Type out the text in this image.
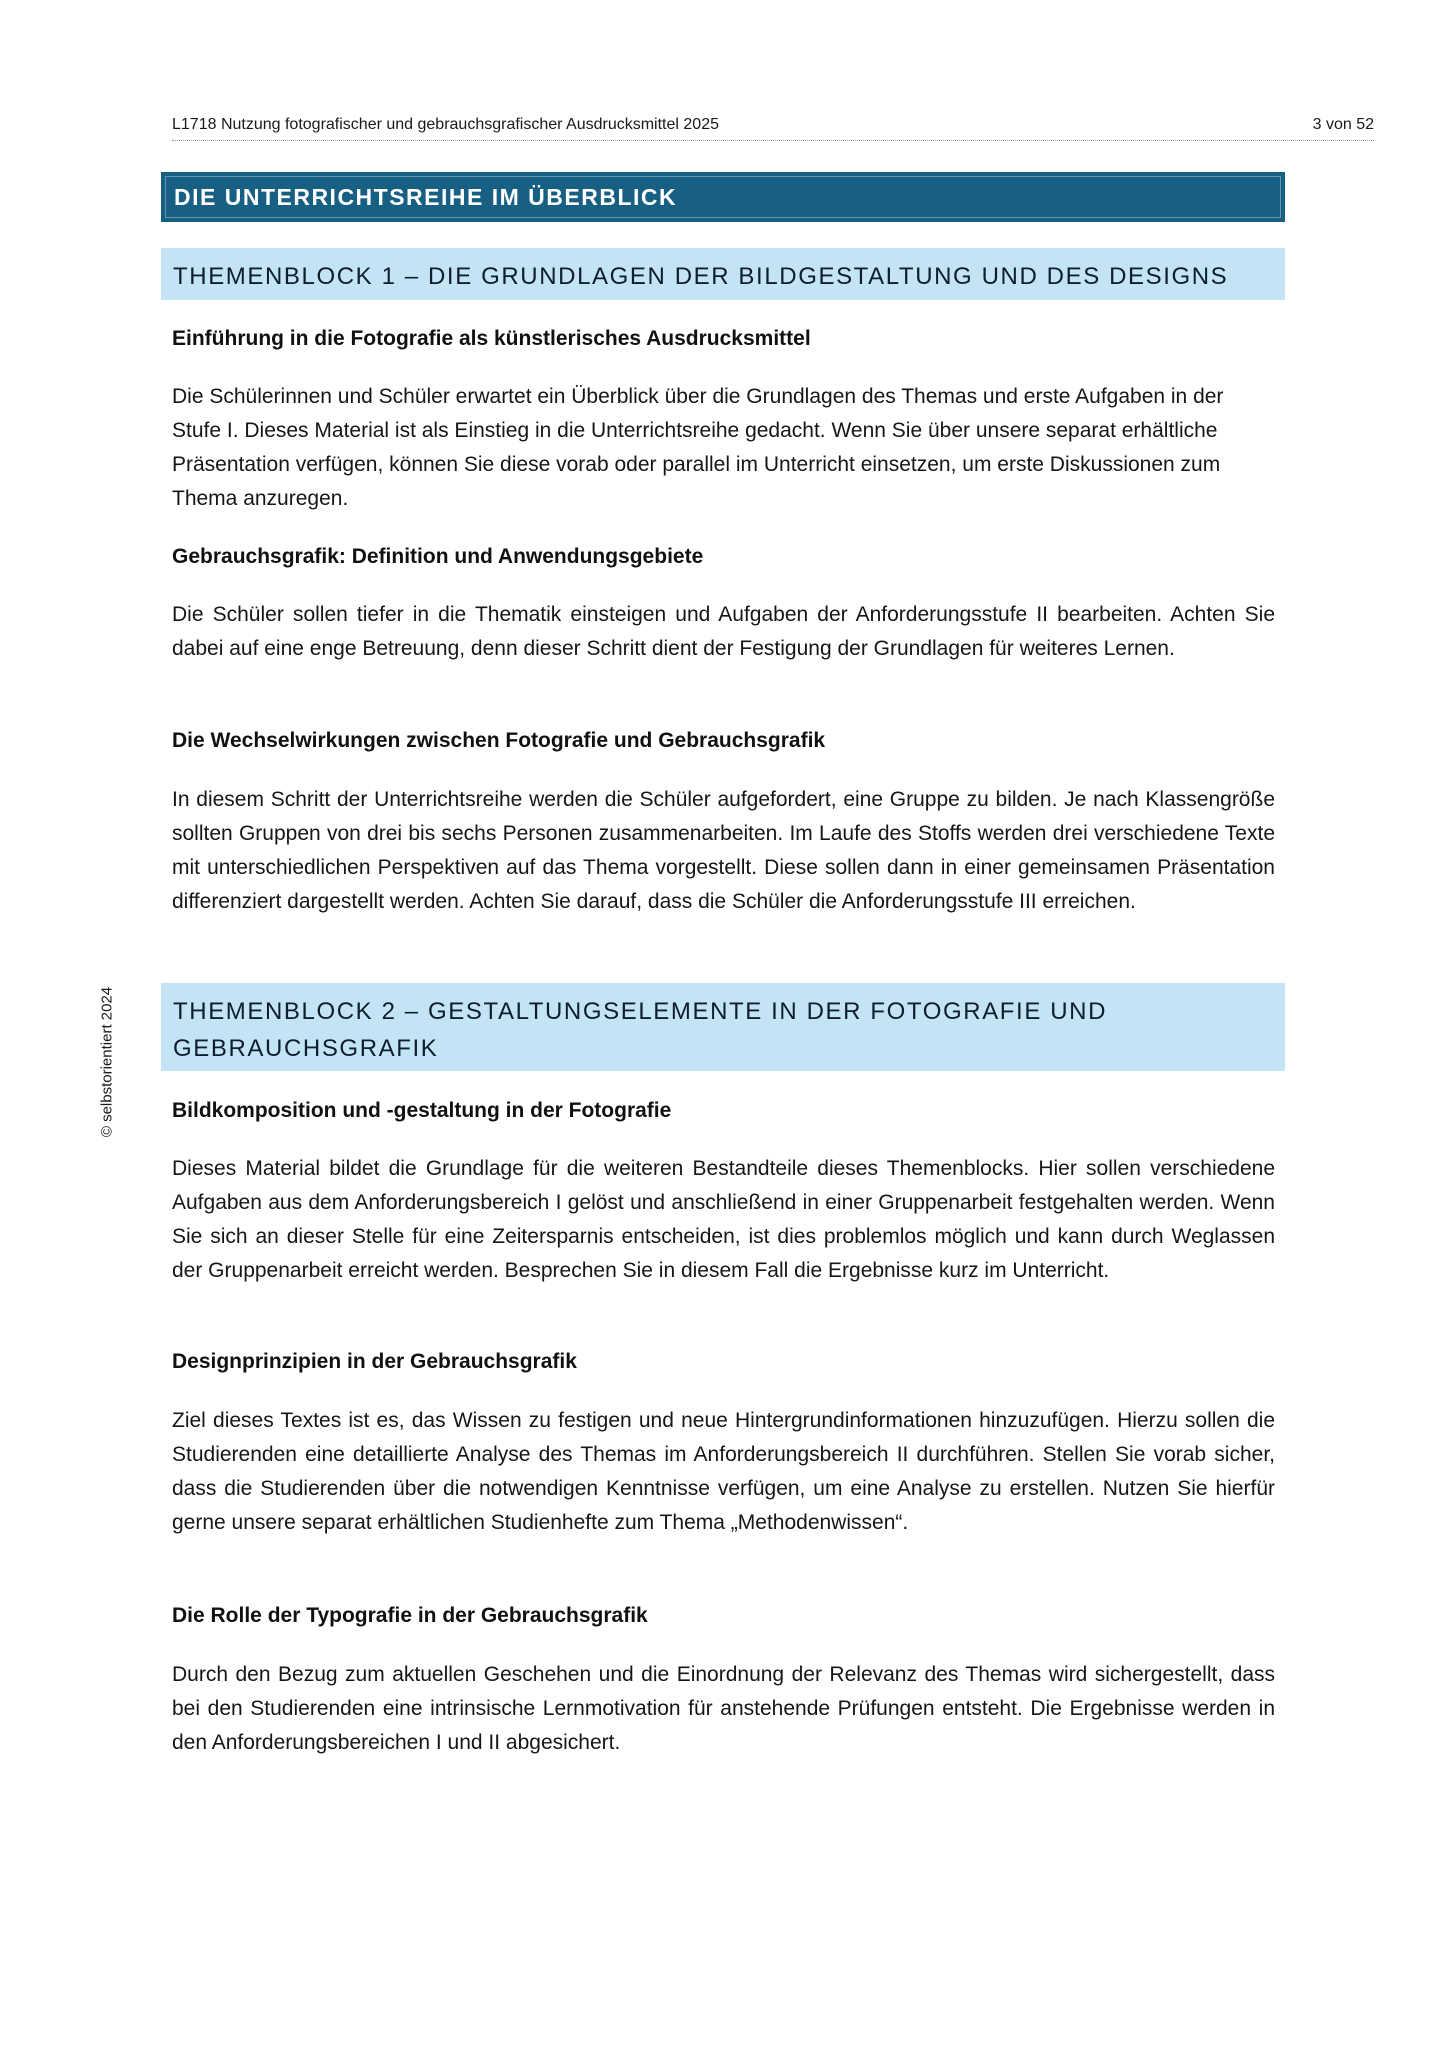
L1718 Nutzung fotografischer und gebrauchsgrafischer Ausdrucksmittel 2025	3 von 52
© selbstorientiert 2024
DIE UNTERRICHTSREIHE IM ÜBERBLICK
THEMENBLOCK 1 – DIE GRUNDLAGEN DER BILDGESTALTUNG UND DES DESIGNS
Einführung in die Fotografie als künstlerisches Ausdrucksmittel

Die Schülerinnen und Schüler erwartet ein Überblick über die Grundlagen des Themas und erste Aufgaben in der Stufe I. Dieses Material ist als Einstieg in die Unterrichtsreihe gedacht. Wenn Sie über unsere separat erhältliche Präsentation verfügen, können Sie diese vorab oder parallel im Unterricht einsetzen, um erste Diskussionen zum Thema anzuregen.

Gebrauchsgrafik: Definition und Anwendungsgebiete

Die Schüler sollen tiefer in die Thematik einsteigen und Aufgaben der Anforderungsstufe II bearbeiten. Achten Sie dabei auf eine enge Betreuung, denn dieser Schritt dient der Festigung der Grundlagen für weiteres Lernen.

Die Wechselwirkungen zwischen Fotografie und Gebrauchsgrafik

In diesem Schritt der Unterrichtsreihe werden die Schüler aufgefordert, eine Gruppe zu bilden. Je nach Klassengröße sollten Gruppen von drei bis sechs Personen zusammenarbeiten. Im Laufe des Stoffs werden drei verschiedene Texte mit unterschiedlichen Perspektiven auf das Thema vorgestellt. Diese sollen dann in einer gemeinsamen Präsentation differenziert dargestellt werden. Achten Sie darauf, dass die Schüler die Anforderungsstufe III erreichen.

THEMENBLOCK 2 – GESTALTUNGSELEMENTE IN DER FOTOGRAFIE UND GEBRAUCHSGRAFIK
Bildkomposition und -gestaltung in der Fotografie

Dieses Material bildet die Grundlage für die weiteren Bestandteile dieses Themenblocks. Hier sollen verschiedene Aufgaben aus dem Anforderungsbereich I gelöst und anschließend in einer Gruppenarbeit festgehalten werden. Wenn Sie sich an dieser Stelle für eine Zeitersparnis entscheiden, ist dies problemlos möglich und kann durch Weglassen der Gruppenarbeit erreicht werden. Besprechen Sie in diesem Fall die Ergebnisse kurz im Unterricht.

Designprinzipien in der Gebrauchsgrafik

Ziel dieses Textes ist es, das Wissen zu festigen und neue Hintergrundinformationen hinzuzufügen. Hierzu sollen die Studierenden eine detaillierte Analyse des Themas im Anforderungsbereich II durchführen. Stellen Sie vorab sicher, dass die Studierenden über die notwendigen Kenntnisse verfügen, um eine Analyse zu erstellen. Nutzen Sie hierfür gerne unsere separat erhältlichen Studienhefte zum Thema „Methodenwissen“.

Die Rolle der Typografie in der Gebrauchsgrafik

Durch den Bezug zum aktuellen Geschehen und die Einordnung der Relevanz des Themas wird sichergestellt, dass bei den Studierenden eine intrinsische Lernmotivation für anstehende Prüfungen entsteht. Die Ergebnisse werden in den Anforderungsbereichen I und II abgesichert.
